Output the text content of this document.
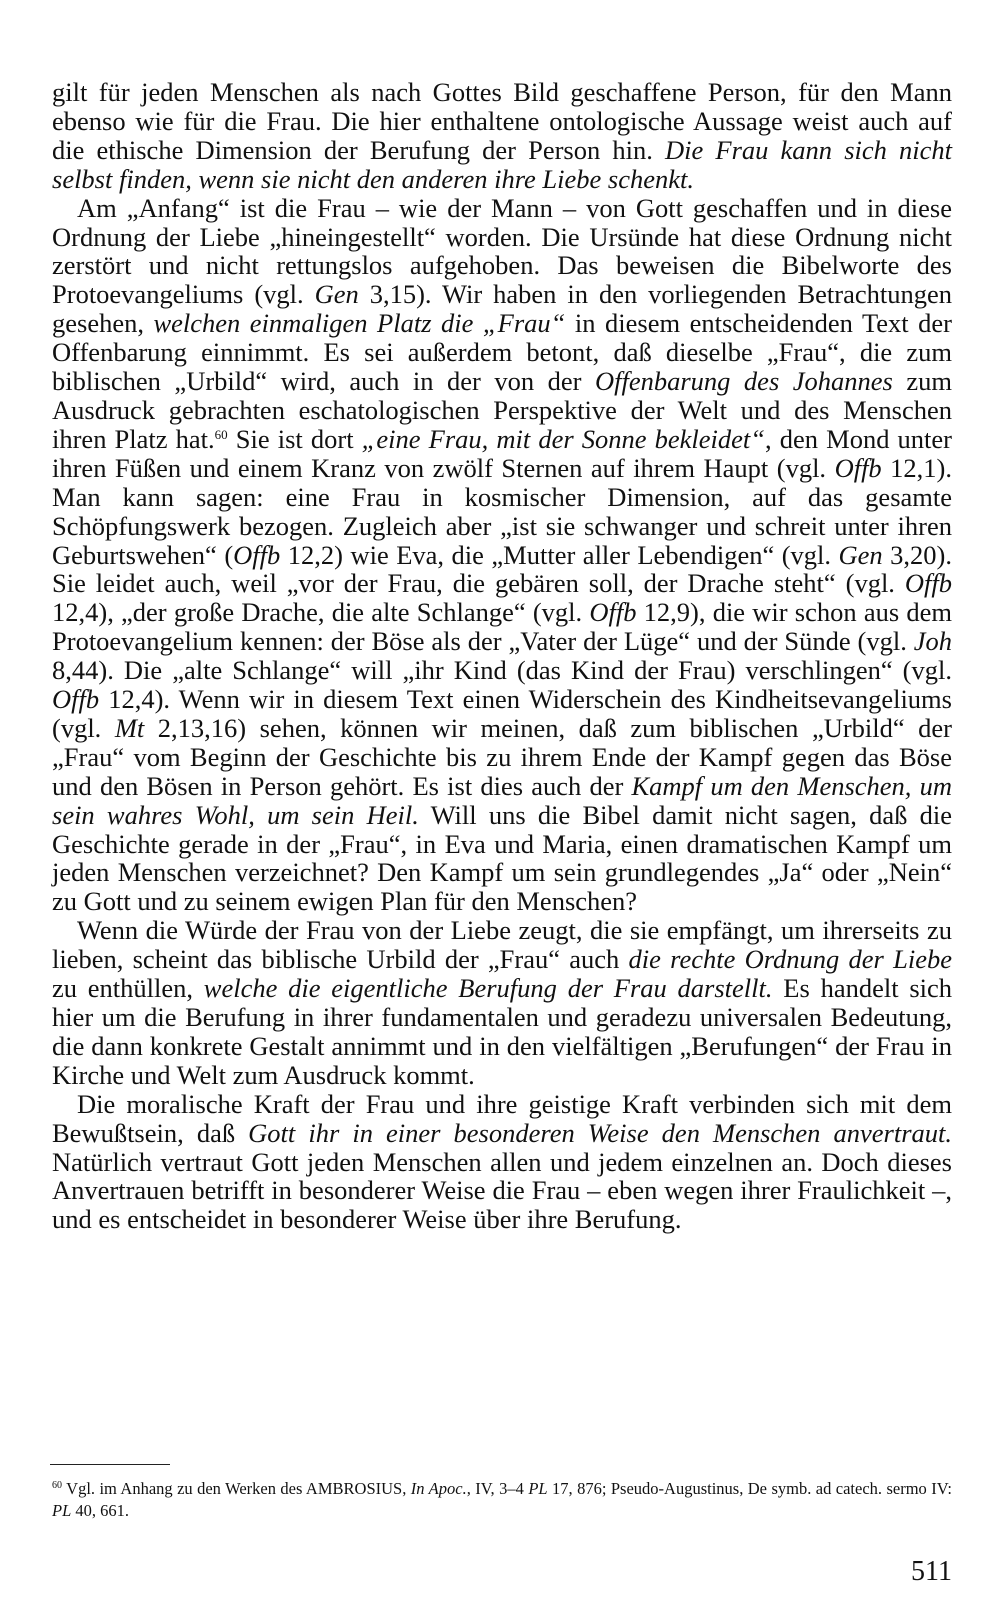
gilt für jeden Menschen als nach Gottes Bild geschaffene Person, für den Mann ebenso wie für die Frau. Die hier enthaltene ontologische Aussage weist auch auf die ethische Dimension der Berufung der Person hin. Die Frau kann sich nicht selbst finden, wenn sie nicht den anderen ihre Liebe schenkt.

Am „Anfang“ ist die Frau – wie der Mann – von Gott geschaffen und in diese Ordnung der Liebe „hineingestellt“ worden. Die Ursünde hat diese Ordnung nicht zerstört und nicht rettungslos aufgehoben. Das beweisen die Bibelworte des Protoevangeliums (vgl. Gen 3,15). Wir haben in den vorliegenden Betrachtungen gesehen, welchen einmaligen Platz die „Frau“ in diesem entscheidenden Text der Offenbarung einnimmt. Es sei außerdem betont, daß dieselbe „Frau“, die zum biblischen „Urbild“ wird, auch in der von der Offenbarung des Johannes zum Ausdruck gebrachten eschatologischen Perspektive der Welt und des Menschen ihren Platz hat.$^{60}$ Sie ist dort „eine Frau, mit der Sonne bekleidet“, den Mond unter ihren Füßen und einem Kranz von zwölf Sternen auf ihrem Haupt (vgl. Offb 12,1). Man kann sagen: eine Frau in kosmischer Dimension, auf das gesamte Schöpfungswerk bezogen. Zugleich aber „ist sie schwanger und schreit unter ihren Geburtswehen“ (Offb 12,2) wie Eva, die „Mutter aller Lebendigen“ (vgl. Gen 3,20). Sie leidet auch, weil „vor der Frau, die gebären soll, der Drache steht“ (vgl. Offb 12,4), „der große Drache, die alte Schlange“ (vgl. Offb 12,9), die wir schon aus dem Protoevangelium kennen: der Böse als der „Vater der Lüge“ und der Sünde (vgl. Joh 8,44). Die „alte Schlange“ will „ihr Kind (das Kind der Frau) verschlingen“ (vgl. Offb 12,4). Wenn wir in diesem Text einen Widerschein des Kindheitsevangeliums (vgl. Mt 2,13,16) sehen, können wir meinen, daß zum biblischen „Urbild“ der „Frau“ vom Beginn der Geschichte bis zu ihrem Ende der Kampf gegen das Böse und den Bösen in Person gehört. Es ist dies auch der Kampf um den Menschen, um sein wahres Wohl, um sein Heil. Will uns die Bibel damit nicht sagen, daß die Geschichte gerade in der „Frau“, in Eva und Maria, einen dramatischen Kampf um jeden Menschen verzeichnet? Den Kampf um sein grundlegendes „Ja“ oder „Nein“ zu Gott und zu seinem ewigen Plan für den Menschen?

Wenn die Würde der Frau von der Liebe zeugt, die sie empfängt, um ihrerseits zu lieben, scheint das biblische Urbild der „Frau“ auch die rechte Ordnung der Liebe zu enthüllen, welche die eigentliche Berufung der Frau darstellt. Es handelt sich hier um die Berufung in ihrer fundamentalen und geradezu universalen Bedeutung, die dann konkrete Gestalt annimmt und in den vielfältigen „Berufungen“ der Frau in Kirche und Welt zum Ausdruck kommt.

Die moralische Kraft der Frau und ihre geistige Kraft verbinden sich mit dem Bewußtsein, daß Gott ihr in einer besonderen Weise den Menschen anvertraut. Natürlich vertraut Gott jeden Menschen allen und jedem einzelnen an. Doch dieses Anvertrauen betrifft in besonderer Weise die Frau – eben wegen ihrer Fraulichkeit –, und es entscheidet in besonderer Weise über ihre Berufung.

$^{60}$ Vgl. im Anhang zu den Werken des AMBROSIUS, In Apoc., IV, 3–4 PL 17, 876; Pseudo-Augustinus, De symb. ad catech. sermo IV: PL 40, 661.

511
